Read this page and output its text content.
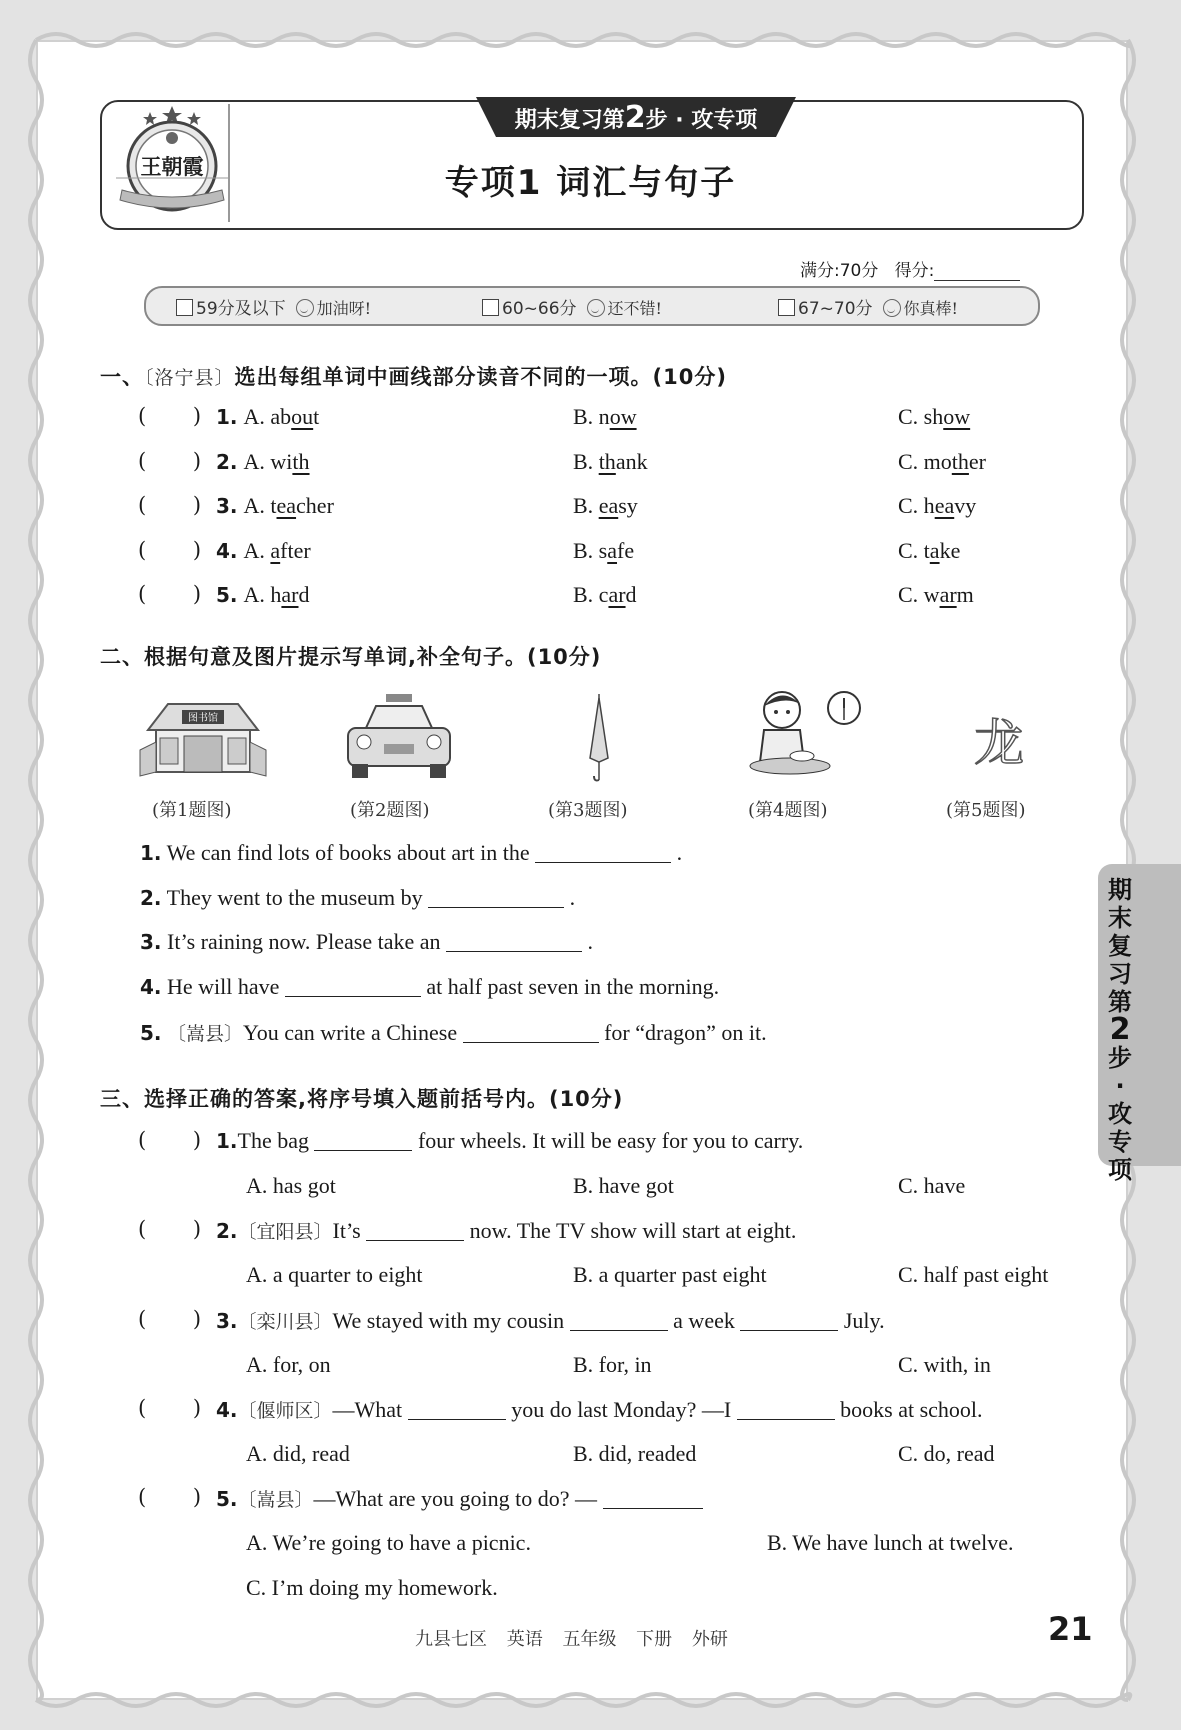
王朝霞
期末复习第2步 · 攻专项
专项1 词汇与句子
满分:70分 得分:
59分及以下 加油呀!	60~66分 还不错!	67~70分 你真棒!
一、〔洛宁县〕选出每组单词中画线部分读音不同的一项。(10分)
(       ) 1. A. about	B. now	C. show
(       ) 2. A. with	B. thank	C. mother
(       ) 3. A. teacher	B. easy	C. heavy
(       ) 4. A. after	B. safe	C. take
(       ) 5. A. hard	B. card	C. warm
二、根据句意及图片提示写单词,补全句子。(10分)
图书馆	龙
(第1题图)	(第2题图)	(第3题图)	(第4题图)	(第5题图)
1. We can find lots of books about art in the	.
2. They went to the museum by	.
3. It’s raining now. Please take an	.
4. He will have	at half past seven in the morning.
5. 〔嵩县〕You can write a Chinese	for “dragon” on it.
三、选择正确的答案,将序号填入题前括号内。(10分)
(       ) 1.The bag	four wheels. It will be easy for you to carry.
A. has got	B. have got	C. have
(       ) 2.〔宜阳县〕It’s	now. The TV show will start at eight.
A. a quarter to eight	B. a quarter past eight	C. half past eight
(       ) 3.〔栾川县〕We stayed with my cousin	a week	July.
A. for, on	B. for, in	C. with, in
(       ) 4.〔偃师区〕—What	you do last Monday? —I	books at school.
A. did, read	B. did, readed	C. do, read
(       ) 5.〔嵩县〕—What are you going to do? —
A. We’re going to have a picnic.	B. We have lunch at twelve.
C. I’m doing my homework.
期
末
复
习
第
2
步
·
攻
专
项
九县七区 英语 五年级 下册 外研	21
